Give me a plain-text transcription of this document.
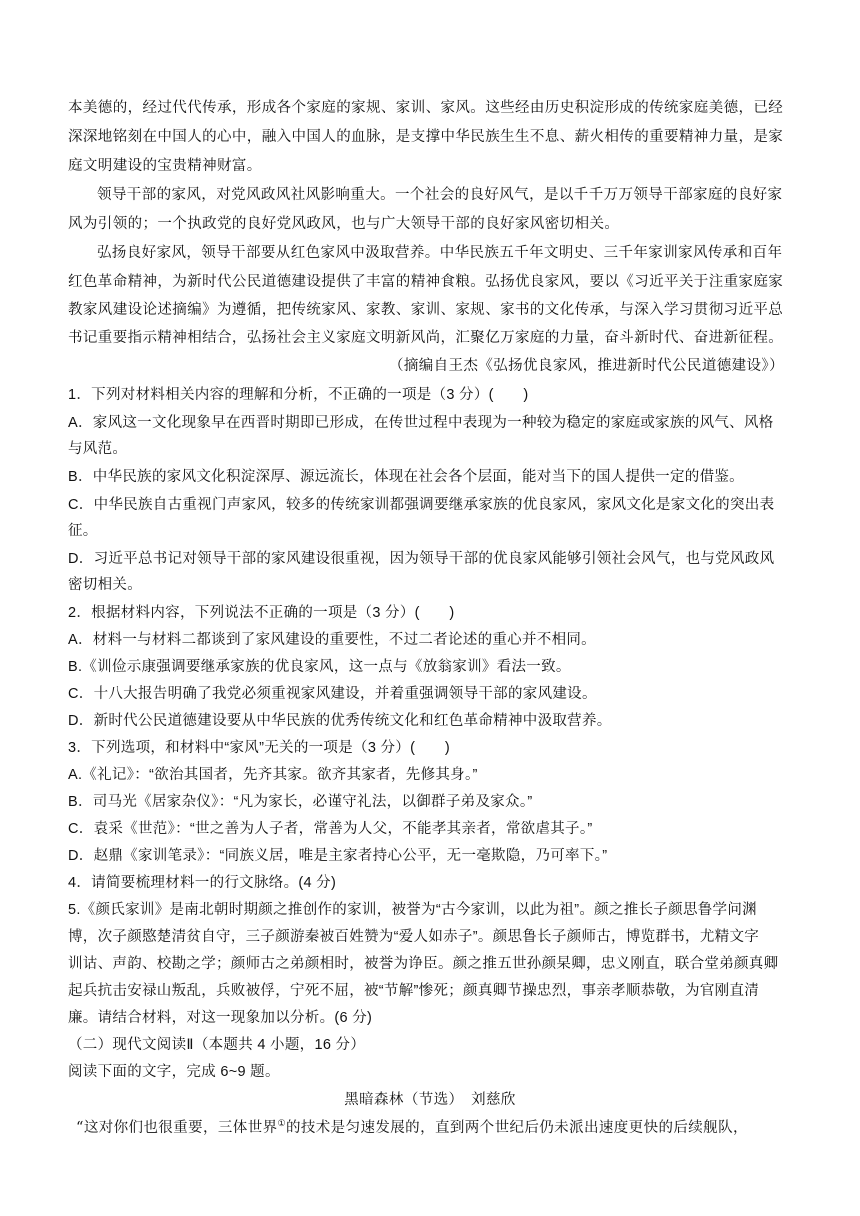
本美德的，经过代代传承，形成各个家庭的家规、家训、家风。这些经由历史积淀形成的传统家庭美德，已经
深深地铭刻在中国人的心中，融入中国人的血脉，是支撑中华民族生生不息、薪火相传的重要精神力量，是家
庭文明建设的宝贵精神财富。
领导干部的家风，对党风政风社风影响重大。一个社会的良好风气，是以千千万万领导干部家庭的良好家
风为引领的；一个执政党的良好党风政风，也与广大领导干部的良好家风密切相关。
弘扬良好家风，领导干部要从红色家风中汲取营养。中华民族五千年文明史、三千年家训家风传承和百年
红色革命精神，为新时代公民道德建设提供了丰富的精神食粮。弘扬优良家风，要以《习近平关于注重家庭家
教家风建设论述摘编》为遵循，把传统家风、家教、家训、家规、家书的文化传承，与深入学习贯彻习近平总
书记重要指示精神相结合，弘扬社会主义家庭文明新风尚，汇聚亿万家庭的力量，奋斗新时代、奋进新征程。
（摘编自王杰《弘扬优良家风，推进新时代公民道德建设》）
1．下列对材料相关内容的理解和分析，不正确的一项是（3 分）(　　)
A．家风这一文化现象早在西晋时期即已形成，在传世过程中表现为一种较为稳定的家庭或家族的风气、风格
与风范。
B．中华民族的家风文化积淀深厚、源远流长，体现在社会各个层面，能对当下的国人提供一定的借鉴。
C．中华民族自古重视门声家风，较多的传统家训都强调要继承家族的优良家风，家风文化是家文化的突出表
征。
D．习近平总书记对领导干部的家风建设很重视，因为领导干部的优良家风能够引领社会风气，也与党风政风
密切相关。
2．根据材料内容，下列说法不正确的一项是（3 分）(　　)
A．材料一与材料二都谈到了家风建设的重要性，不过二者论述的重心并不相同。
B.《训俭示康强调要继承家族的优良家风，这一点与《放翁家训》看法一致。
C．十八大报告明确了我党必须重视家风建设，并着重强调领导干部的家风建设。
D．新时代公民道德建设要从中华民族的优秀传统文化和红色革命精神中汲取营养。
3．下列选项，和材料中“家风”无关的一项是（3 分）(　　)
A.《礼记》：“欲治其国者，先齐其家。欲齐其家者，先修其身。”
B．司马光《居家杂仪》：“凡为家长，必谨守礼法，以御群子弟及家众。”
C．袁采《世范》：“世之善为人子者，常善为人父，不能孝其亲者，常欲虐其子。”
D．赵鼎《家训笔录》：“同族义居，唯是主家者持心公平，无一毫欺隐，乃可率下。”
4．请简要梳理材料一的行文脉络。(4 分)
5.《颜氏家训》是南北朝时期颜之推创作的家训，被誉为“古今家训，以此为祖”。颜之推长子颜思鲁学问渊
博，次子颜愍楚清贫自守，三子颜游秦被百姓赞为“爱人如赤子”。颜思鲁长子颜师古，博览群书，尤精文字
训诂、声韵、校勘之学；颜师古之弟颜相时，被誉为诤臣。颜之推五世孙颜杲卿，忠义刚直，联合堂弟颜真卿
起兵抗击安禄山叛乱，兵败被俘，宁死不屈，被“节解”惨死；颜真卿节操忠烈，事亲孝顺恭敬，为官刚直清
廉。请结合材料，对这一现象加以分析。(6 分)
（二）现代文阅读Ⅱ（本题共 4 小题，16 分）
阅读下面的文字，完成 6~9 题。
黑暗森林（节选）　刘慈欣
“这对你们也很重要，三体世界①的技术是匀速发展的，直到两个世纪后仍未派出速度更快的后续舰队，
